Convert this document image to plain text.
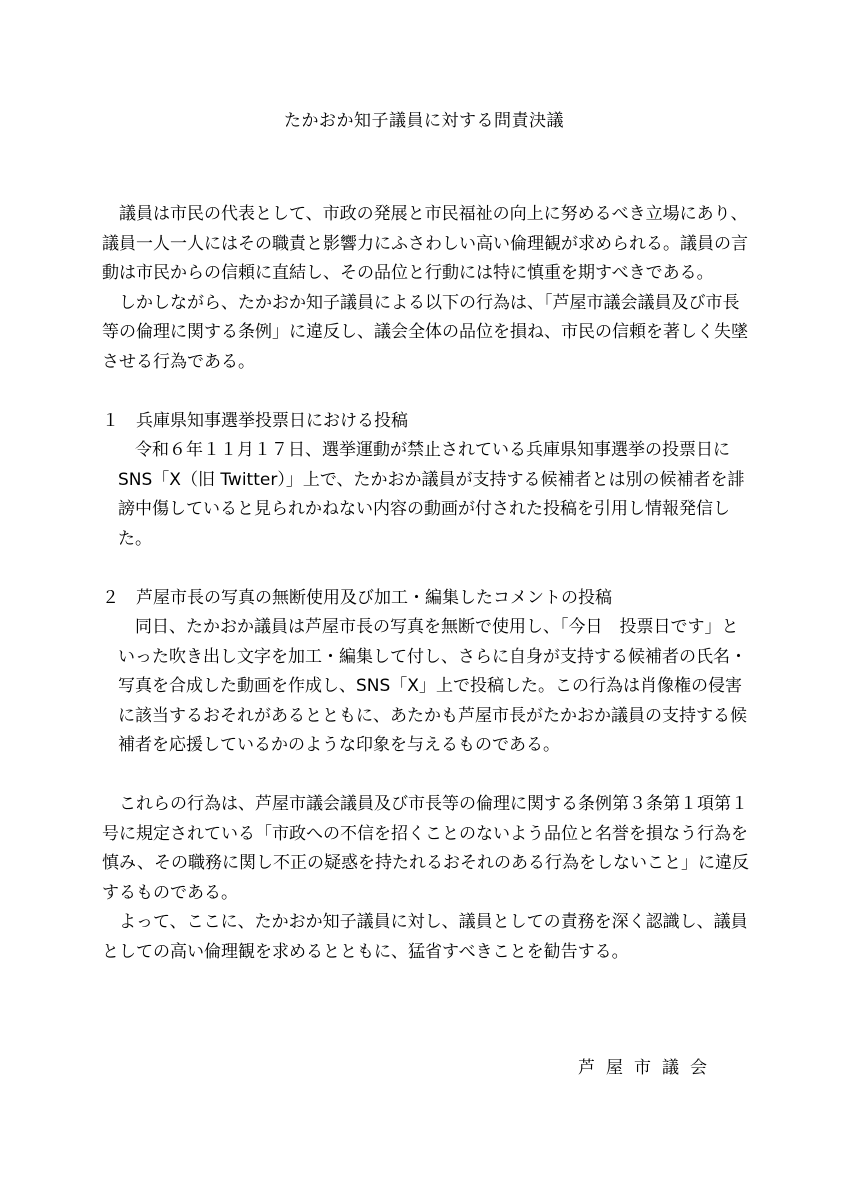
たかおか知子議員に対する問責決議

議員は市民の代表として、市政の発展と市民福祉の向上に努めるべき立場にあり、議員一人一人にはその職責と影響力にふさわしい高い倫理観が求められる。議員の言動は市民からの信頼に直結し、その品位と行動には特に慎重を期すべきである。

しかしながら、たかおか知子議員による以下の行為は、「芦屋市議会議員及び市長等の倫理に関する条例」に違反し、議会全体の品位を損ね、市民の信頼を著しく失墜させる行為である。

１　兵庫県知事選挙投票日における投稿

令和６年１１月１７日、選挙運動が禁止されている兵庫県知事選挙の投票日にSNS「X（旧 Twitter）」上で、たかおか議員が支持する候補者とは別の候補者を誹謗中傷していると見られかねない内容の動画が付された投稿を引用し情報発信した。

２　芦屋市長の写真の無断使用及び加工・編集したコメントの投稿

同日、たかおか議員は芦屋市長の写真を無断で使用し、「今日　投票日です」といった吹き出し文字を加工・編集して付し、さらに自身が支持する候補者の氏名・写真を合成した動画を作成し、SNS「X」上で投稿した。この行為は肖像権の侵害に該当するおそれがあるとともに、あたかも芦屋市長がたかおか議員の支持する候補者を応援しているかのような印象を与えるものである。

これらの行為は、芦屋市議会議員及び市長等の倫理に関する条例第３条第１項第１号に規定されている「市政への不信を招くことのないよう品位と名誉を損なう行為を慎み、その職務に関し不正の疑惑を持たれるおそれのある行為をしないこと」に違反するものである。

よって、ここに、たかおか知子議員に対し、議員としての責務を深く認識し、議員としての高い倫理観を求めるとともに、猛省すべきことを勧告する。

芦屋市議会
